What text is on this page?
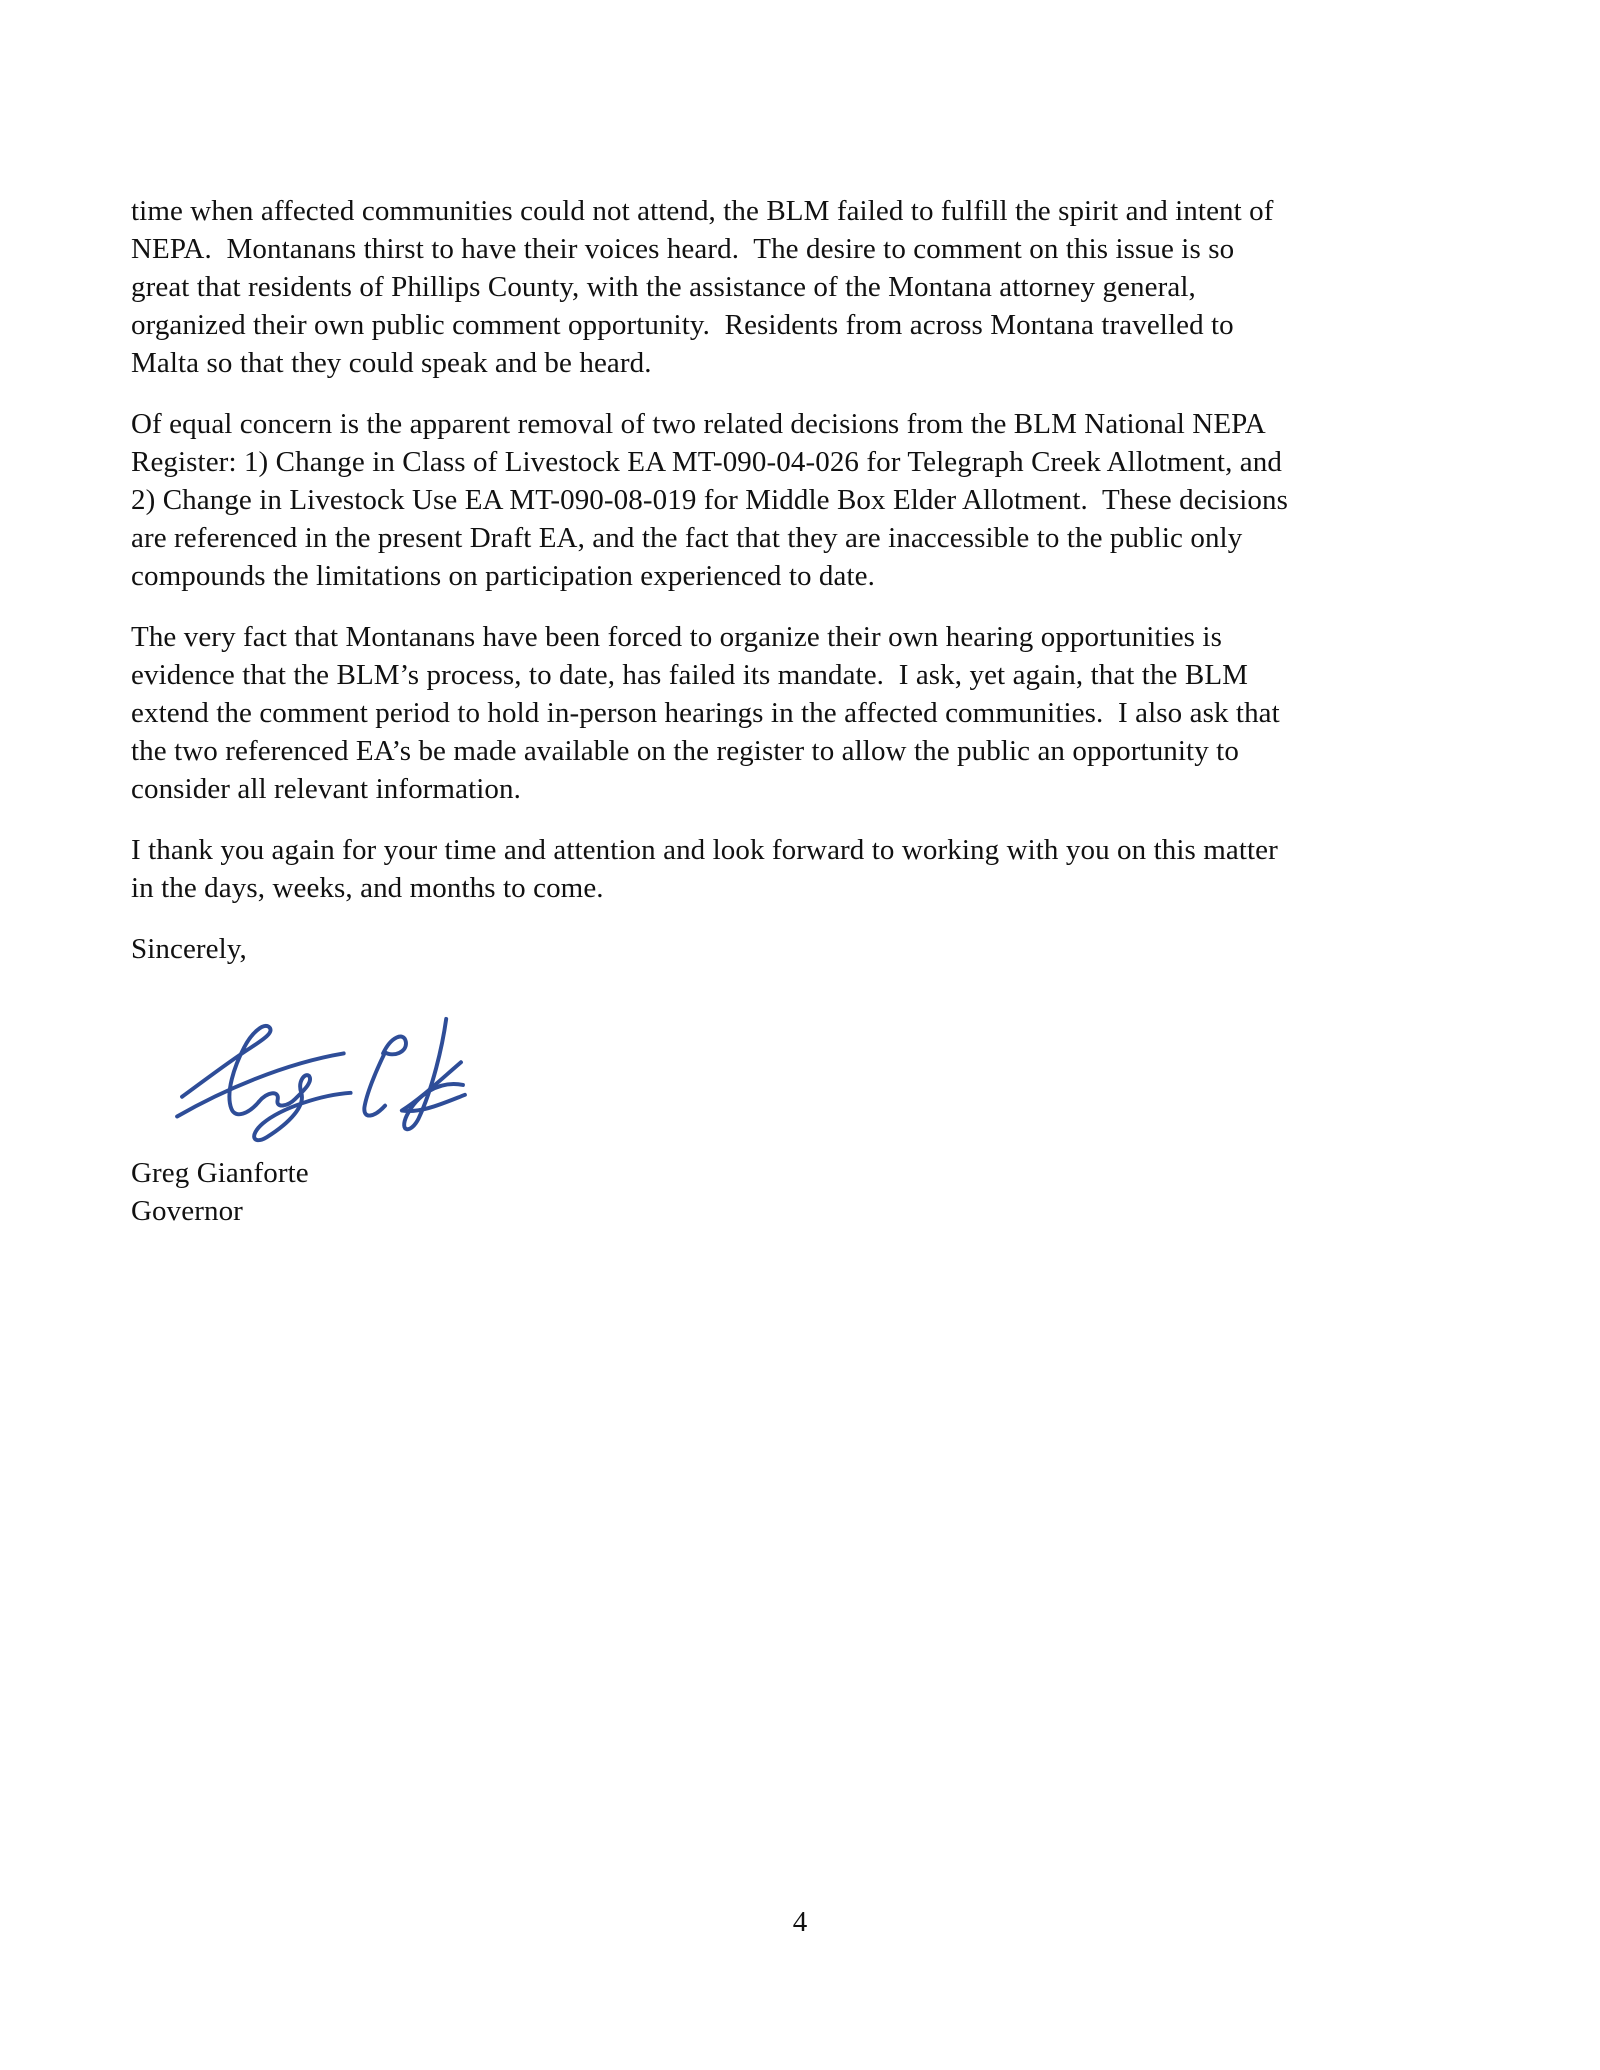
time when affected communities could not attend, the BLM failed to fulfill the spirit and intent of
NEPA.  Montanans thirst to have their voices heard.  The desire to comment on this issue is so
great that residents of Phillips County, with the assistance of the Montana attorney general,
organized their own public comment opportunity.  Residents from across Montana travelled to
Malta so that they could speak and be heard.
Of equal concern is the apparent removal of two related decisions from the BLM National NEPA
Register: 1) Change in Class of Livestock EA MT-090-04-026 for Telegraph Creek Allotment, and
2) Change in Livestock Use EA MT-090-08-019 for Middle Box Elder Allotment.  These decisions
are referenced in the present Draft EA, and the fact that they are inaccessible to the public only
compounds the limitations on participation experienced to date.
The very fact that Montanans have been forced to organize their own hearing opportunities is
evidence that the BLM’s process, to date, has failed its mandate.  I ask, yet again, that the BLM
extend the comment period to hold in-person hearings in the affected communities.  I also ask that
the two referenced EA’s be made available on the register to allow the public an opportunity to
consider all relevant information.
I thank you again for your time and attention and look forward to working with you on this matter
in the days, weeks, and months to come.
Sincerely,
Greg Gianforte
Governor
4
